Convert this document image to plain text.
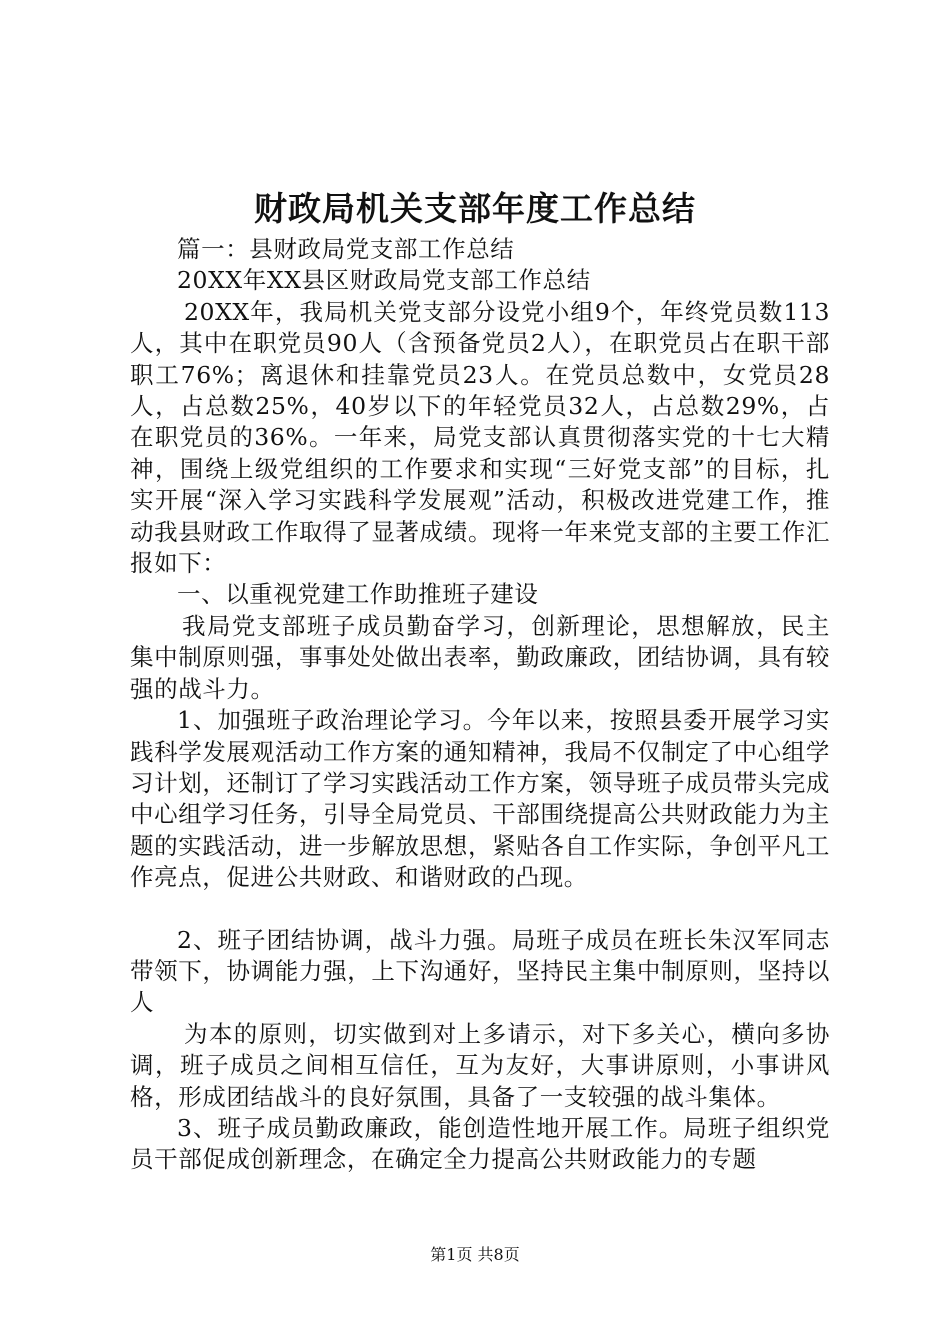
财政局机关支部年度工作总结

篇一：县财政局党支部工作总结

20XX年XX县区财政局党支部工作总结

20XX年，我局机关党支部分设党小组9个，年终党员数113人，其中在职党员90人（含预备党员2人），在职党员占在职干部职工76%；离退休和挂靠党员23人。在党员总数中，女党员28人，占总数25%，40岁以下的年轻党员32人，占总数29%，占在职党员的36%。一年来，局党支部认真贯彻落实党的十七大精神，围绕上级党组织的工作要求和实现“三好党支部”的目标，扎实开展“深入学习实践科学发展观”活动，积极改进党建工作，推动我县财政工作取得了显著成绩。现将一年来党支部的主要工作汇报如下：

一、以重视党建工作助推班子建设

我局党支部班子成员勤奋学习，创新理论，思想解放，民主集中制原则强，事事处处做出表率，勤政廉政，团结协调，具有较强的战斗力。

1、加强班子政治理论学习。今年以来，按照县委开展学习实践科学发展观活动工作方案的通知精神，我局不仅制定了中心组学习计划，还制订了学习实践活动工作方案，领导班子成员带头完成中心组学习任务，引导全局党员、干部围绕提高公共财政能力为主题的实践活动，进一步解放思想，紧贴各自工作实际，争创平凡工作亮点，促进公共财政、和谐财政的凸现。

2、班子团结协调，战斗力强。局班子成员在班长朱汉军同志带领下，协调能力强，上下沟通好，坚持民主集中制原则，坚持以人

为本的原则，切实做到对上多请示，对下多关心，横向多协调，班子成员之间相互信任，互为友好，大事讲原则，小事讲风格，形成团结战斗的良好氛围，具备了一支较强的战斗集体。

3、班子成员勤政廉政，能创造性地开展工作。局班子组织党员干部促成创新理念，在确定全力提高公共财政能力的专题

第1页 共8页
